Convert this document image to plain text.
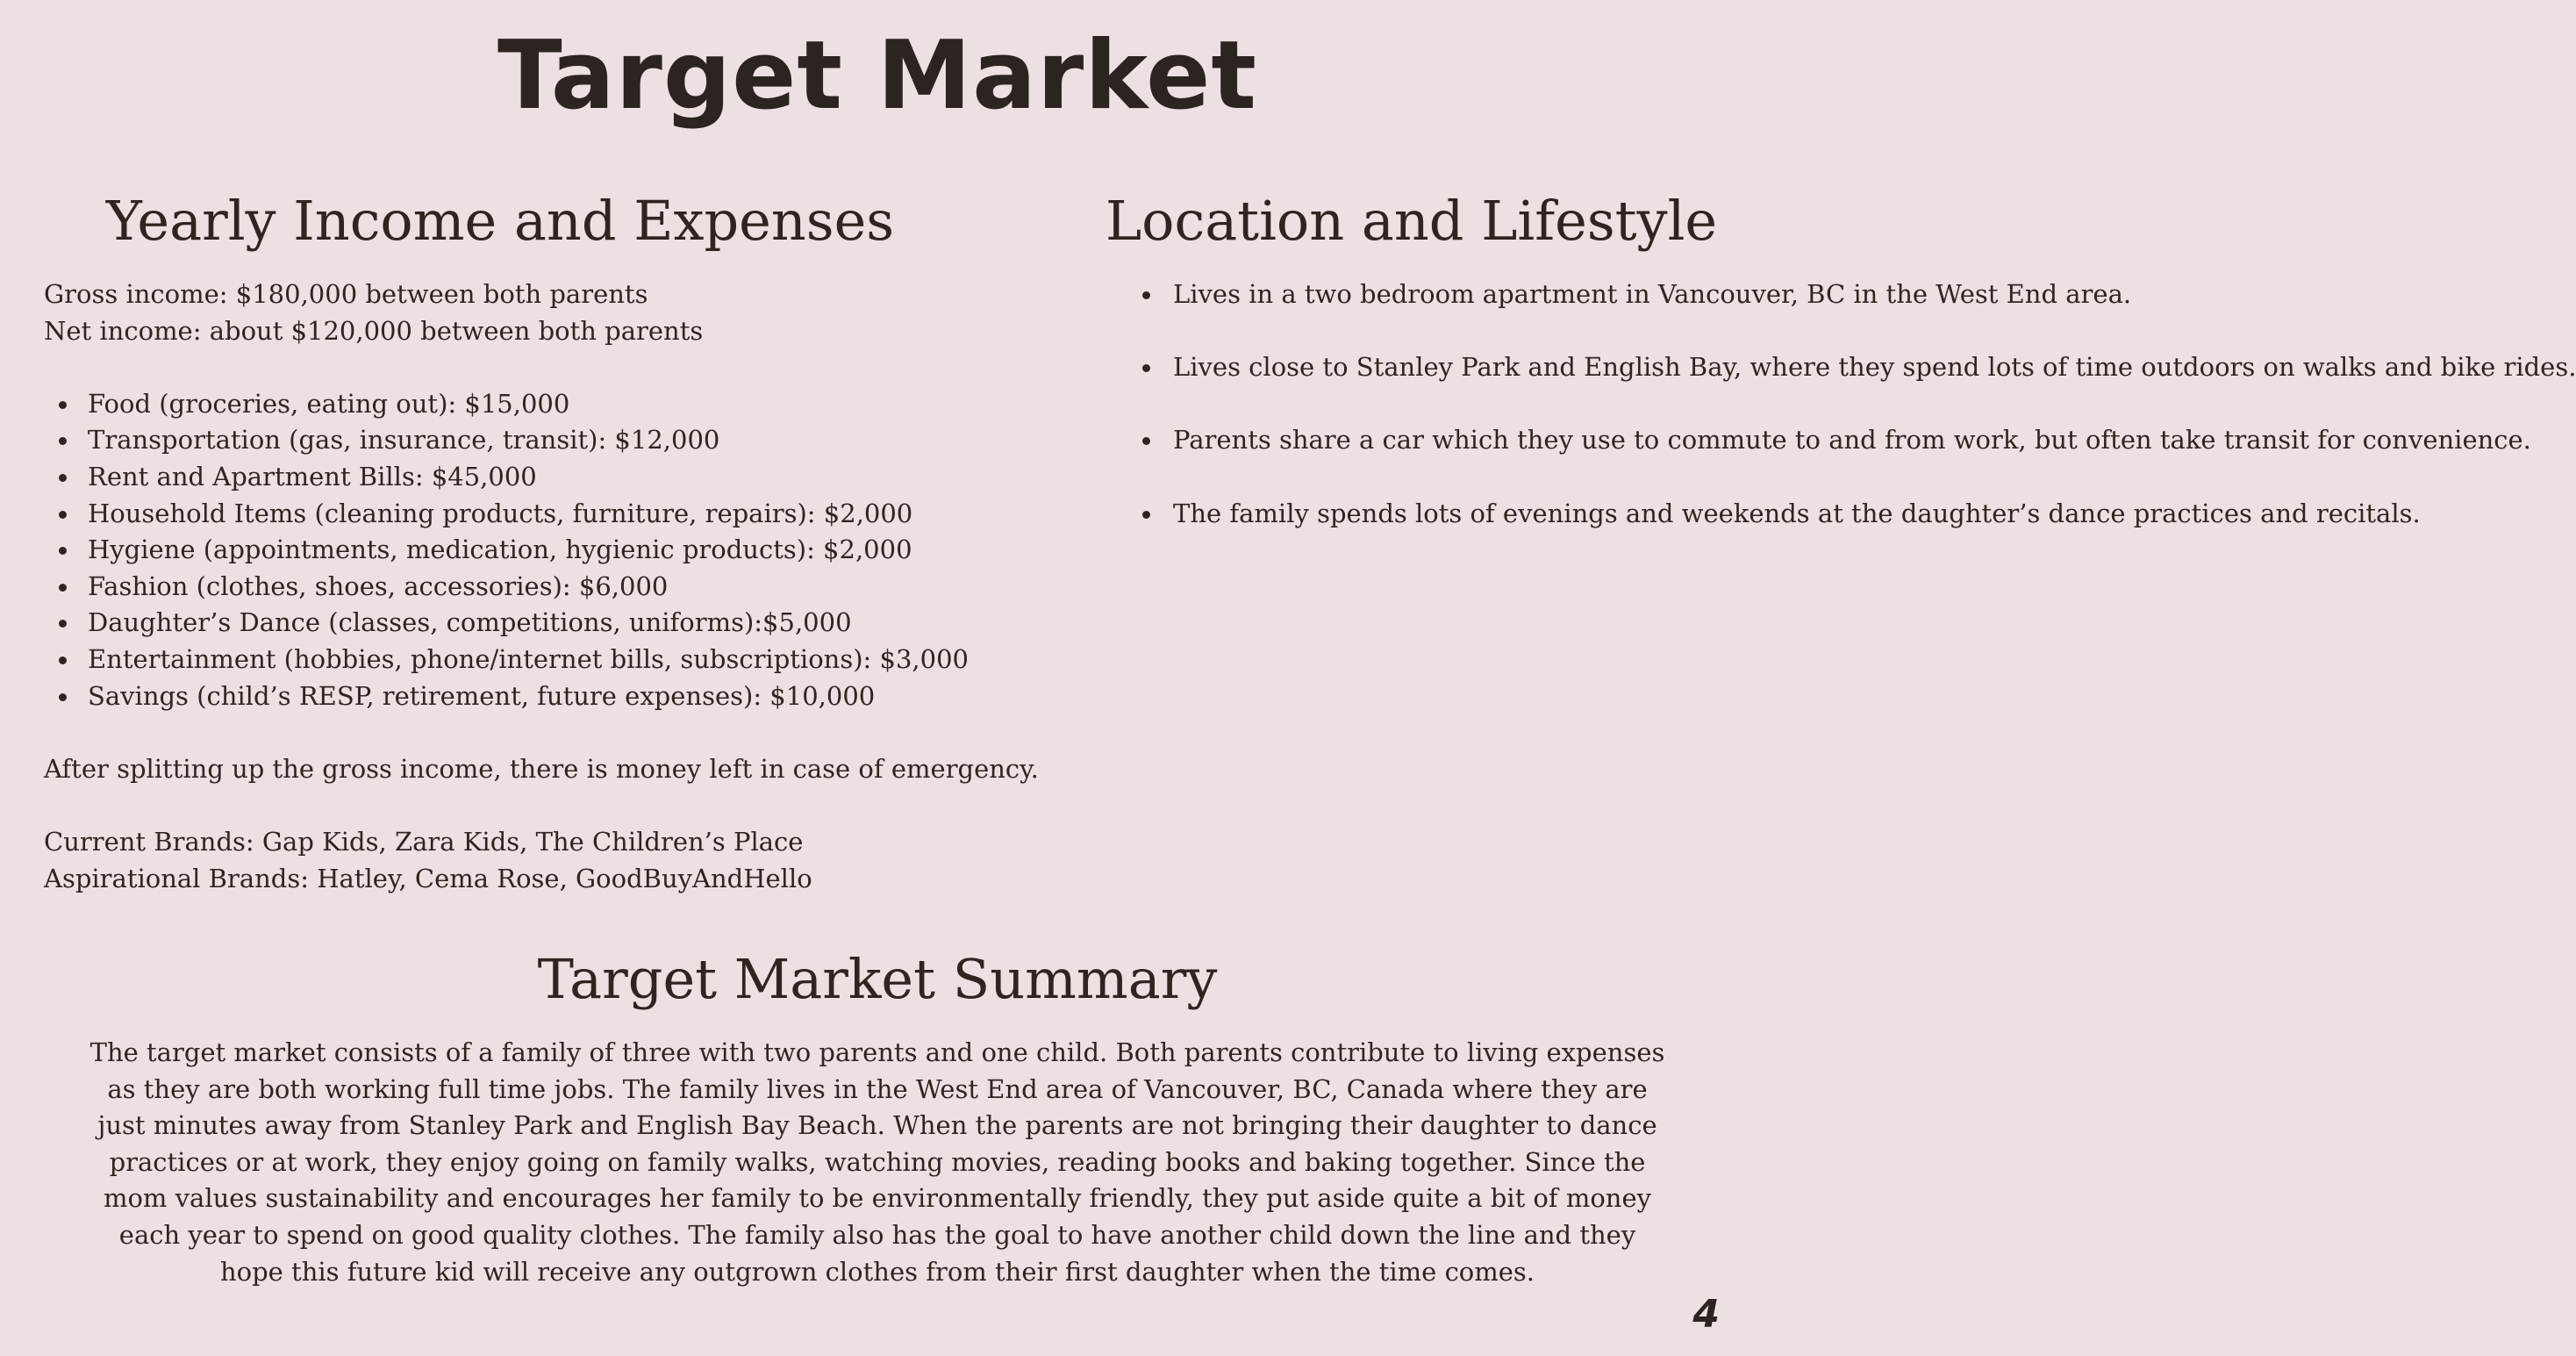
Target Market
Yearly Income and Expenses	Location and Lifestyle

Gross income: $180,000 between both parents

Net income: about $120,000 between both parents

Food (groceries, eating out): $15,000
Transportation (gas, insurance, transit): $12,000
Rent and Apartment Bills: $45,000
Household Items (cleaning products, furniture, repairs): $2,000
Hygiene (appointments, medication, hygienic products): $2,000
Fashion (clothes, shoes, accessories): $6,000
Daughter’s Dance (classes, competitions, uniforms):$5,000
Entertainment (hobbies, phone/internet bills, subscriptions): $3,000
Savings (child’s RESP, retirement, future expenses): $10,000

After splitting up the gross income, there is money left in case of emergency.

Current Brands: Gap Kids, Zara Kids, The Children’s Place

Aspirational Brands: Hatley, Cema Rose, GoodBuyAndHello

Lives in a two bedroom apartment in Vancouver, BC in the West End area.
Lives close to Stanley Park and English Bay, where they spend lots of time outdoors on walks and bike rides.
Parents share a car which they use to commute to and from work, but often take transit for convenience.
The family spends lots of evenings and weekends at the daughter’s dance practices and recitals.
Target Market Summary

The target market consists of a family of three with two parents and one child. Both parents contribute to living expenses as they are both working full time jobs. The family lives in the West End area of Vancouver, BC, Canada where they are just minutes away from Stanley Park and English Bay Beach. When the parents are not bringing their daughter to dance practices or at work, they enjoy going on family walks, watching movies, reading books and baking together. Since the mom values sustainability and encourages her family to be environmentally friendly, they put aside quite a bit of money each year to spend on good quality clothes. The family also has the goal to have another child down the line and they hope this future kid will receive any outgrown clothes from their first daughter when the time comes.

4
